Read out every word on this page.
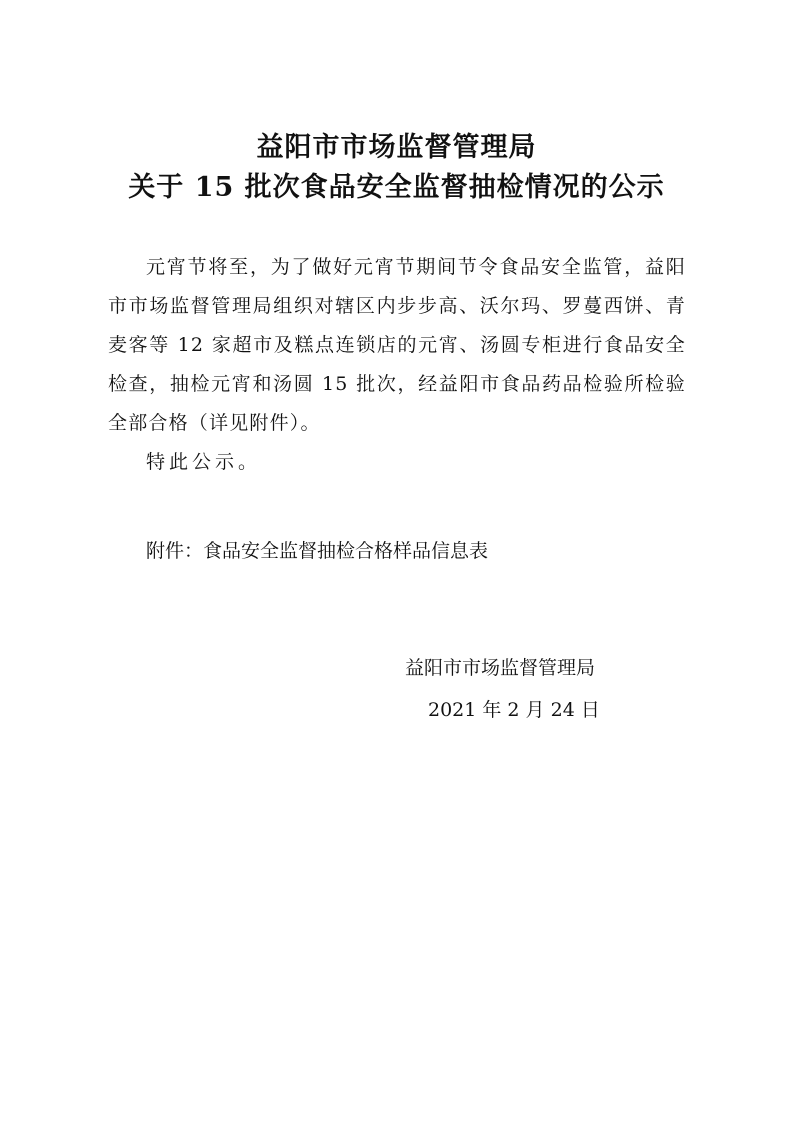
益阳市市场监督管理局
关于 15 批次食品安全监督抽检情况的公示

元宵节将至，为了做好元宵节期间节令食品安全监管，益阳市市场监督管理局组织对辖区内步步高、沃尔玛、罗蔓西饼、青麦客等 12 家超市及糕点连锁店的元宵、汤圆专柜进行食品安全检查，抽检元宵和汤圆 15 批次，经益阳市食品药品检验所检验全部合格（详见附件）。

特此公示。

附件：食品安全监督抽检合格样品信息表
益阳市市场监督管理局
2021 年 2 月 24 日
